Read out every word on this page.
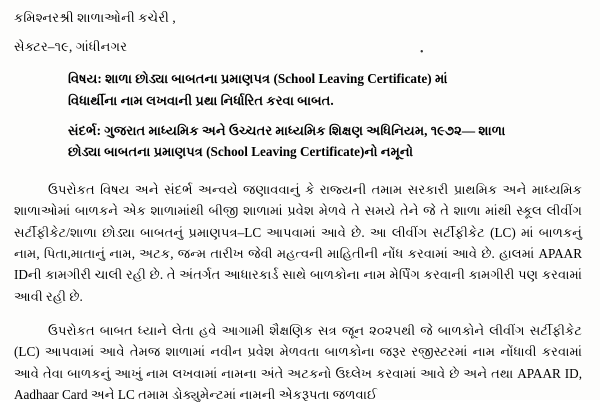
•
કમિશ્નરશ્રી શાળાઓની કચેરી ,
સેક્ટર–૧૯, ગાંધીનગર
વિષય: શાળા છોડ્યા બાબતના પ્રમાણપત્ર (School Leaving Certificate) માં
વિધાર્થીના નામ લખવાની પ્રથા નિર્ધારિત કરવા બાબત.
સંદર્ભ: ગુજરાત માધ્યમિક અને ઉચ્ચતર માધ્યમિક શિક્ષણ અધિનિયમ, ૧૯૭૨–– શાળા
છોડ્યા બાબતના પ્રમાણપત્ર (School Leaving Certificate)નો નમૂનો

ઉપરોકત વિષય અને સંદર્ભ અન્વયે જણાવવાનું કે રાજ્યની તમામ સરકારી પ્રાથમિક અને માધ્યમિક શાળાઓમાં બાળકને એક શાળામાંથી બીજી શાળામાં પ્રવેશ મેળવે તે સમયે તેને જે તે શાળા માંથી સ્કૂલ લીવીંગ સર્ટીફીકેટ/શાળા છોડ્યા બાબતનું પ્રમાણપત્ર–LC આપવામાં આવે છે. આ લીવીંગ સર્ટીફીકેટ (LC) માં બાળકનું નામ, પિતા,માતાનું નામ, અટક, જન્મ તારીખ જેવી મહત્વની માહિતીની નોંધ કરવામાં આવે છે. હાલમાં APAAR IDની કામગીરી ચાલી રહી છે. તે અંતર્ગત આધારકાર્ડ સાથે બાળકોના નામ મેર્પિંગ કરવાની કામગીરી પણ કરવામાં આવી રહી છે.

ઉપરોકત બાબત ધ્યાને લેતા હવે આગામી શૈક્ષણિક સત્ર જૂન ૨૦૨૫થી જે બાળકોને લીવીંગ સર્ટીફીકેટ (LC) આપવામાં આવે તેમજ શાળામાં નવીન પ્રવેશ મેળવતા બાળકોના જરૂર રજીસ્ટરમાં નામ નોંધાવી કરવામાં આવે તેવા બાળકનું આખું નામ લખવામાં નામના અંતે અટકનો ઉઘ્લેખ કરવામાં આવે છે અને તથા APAAR ID, Aadhaar Card અને LC તમામ ડોક્યુમેન્ટમાં નામની એકરૂપતા જળવાઈ
